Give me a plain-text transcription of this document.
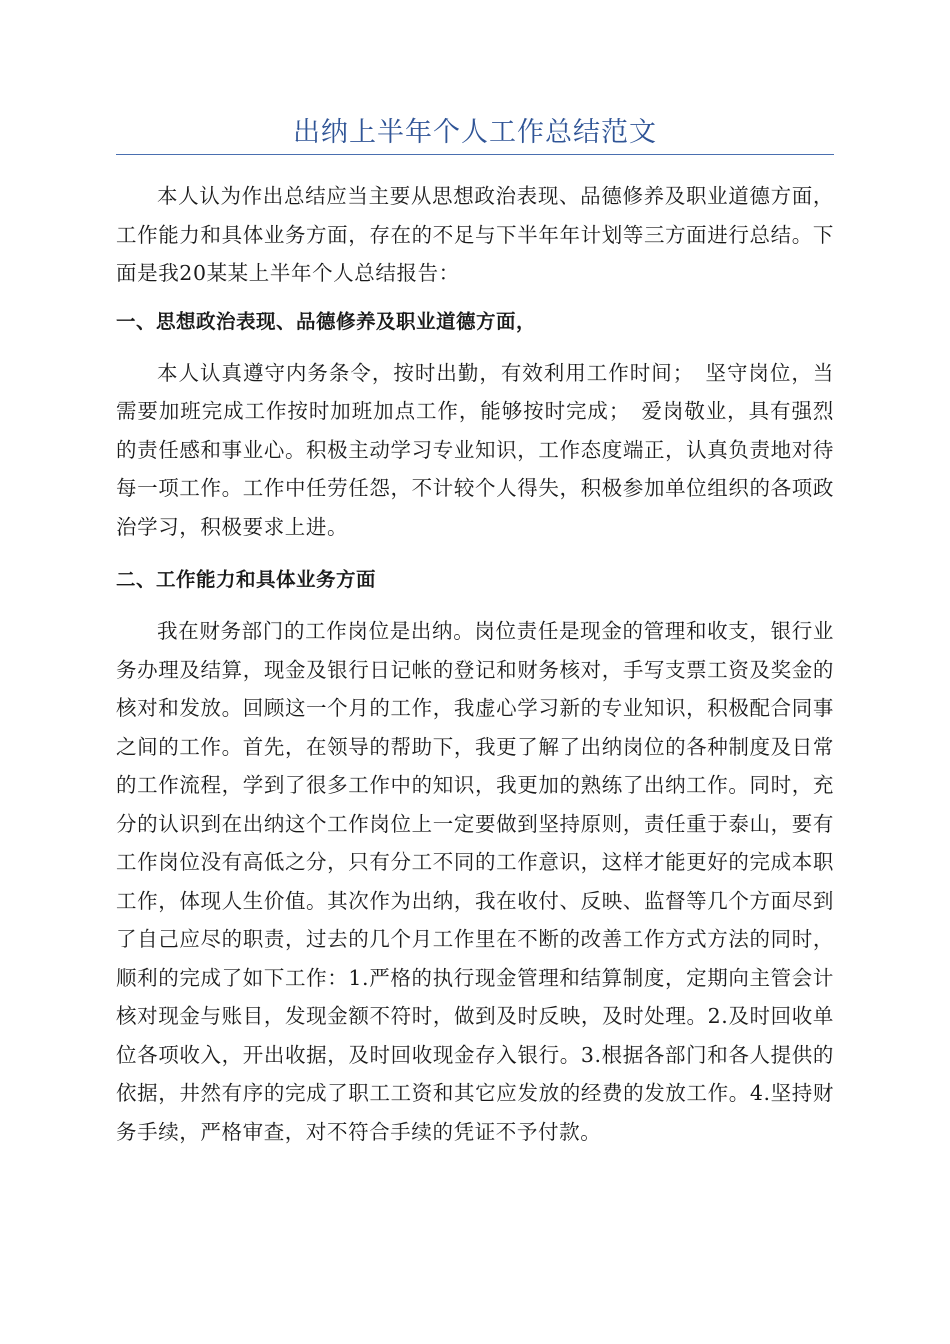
出纳上半年个人工作总结范文

本人认为作出总结应当主要从思想政治表现、品德修养及职业道德方面，工作能力和具体业务方面，存在的不足与下半年年计划等三方面进行总结。下面是我20某某上半年个人总结报告：

一、思想政治表现、品德修养及职业道德方面，

本人认真遵守内务条令，按时出勤，有效利用工作时间；　坚守岗位，当需要加班完成工作按时加班加点工作，能够按时完成；　爱岗敬业，具有强烈的责任感和事业心。积极主动学习专业知识，工作态度端正，认真负责地对待每一项工作。工作中任劳任怨，不计较个人得失，积极参加单位组织的各项政治学习，积极要求上进。

二、工作能力和具体业务方面

我在财务部门的工作岗位是出纳。岗位责任是现金的管理和收支，银行业务办理及结算，现金及银行日记帐的登记和财务核对，手写支票工资及奖金的核对和发放。回顾这一个月的工作，我虚心学习新的专业知识，积极配合同事之间的工作。首先，在领导的帮助下，我更了解了出纳岗位的各种制度及日常的工作流程，学到了很多工作中的知识，我更加的熟练了出纳工作。同时，充分的认识到在出纳这个工作岗位上一定要做到坚持原则，责任重于泰山，要有工作岗位没有高低之分，只有分工不同的工作意识，这样才能更好的完成本职工作，体现人生价值。其次作为出纳，我在收付、反映、监督等几个方面尽到了自己应尽的职责，过去的几个月工作里在不断的改善工作方式方法的同时，顺利的完成了如下工作：1.严格的执行现金管理和结算制度，定期向主管会计核对现金与账目，发现金额不符时，做到及时反映，及时处理。2.及时回收单位各项收入，开出收据，及时回收现金存入银行。3.根据各部门和各人提供的依据，井然有序的完成了职工工资和其它应发放的经费的发放工作。4.坚持财务手续，严格审查，对不符合手续的凭证不予付款。
